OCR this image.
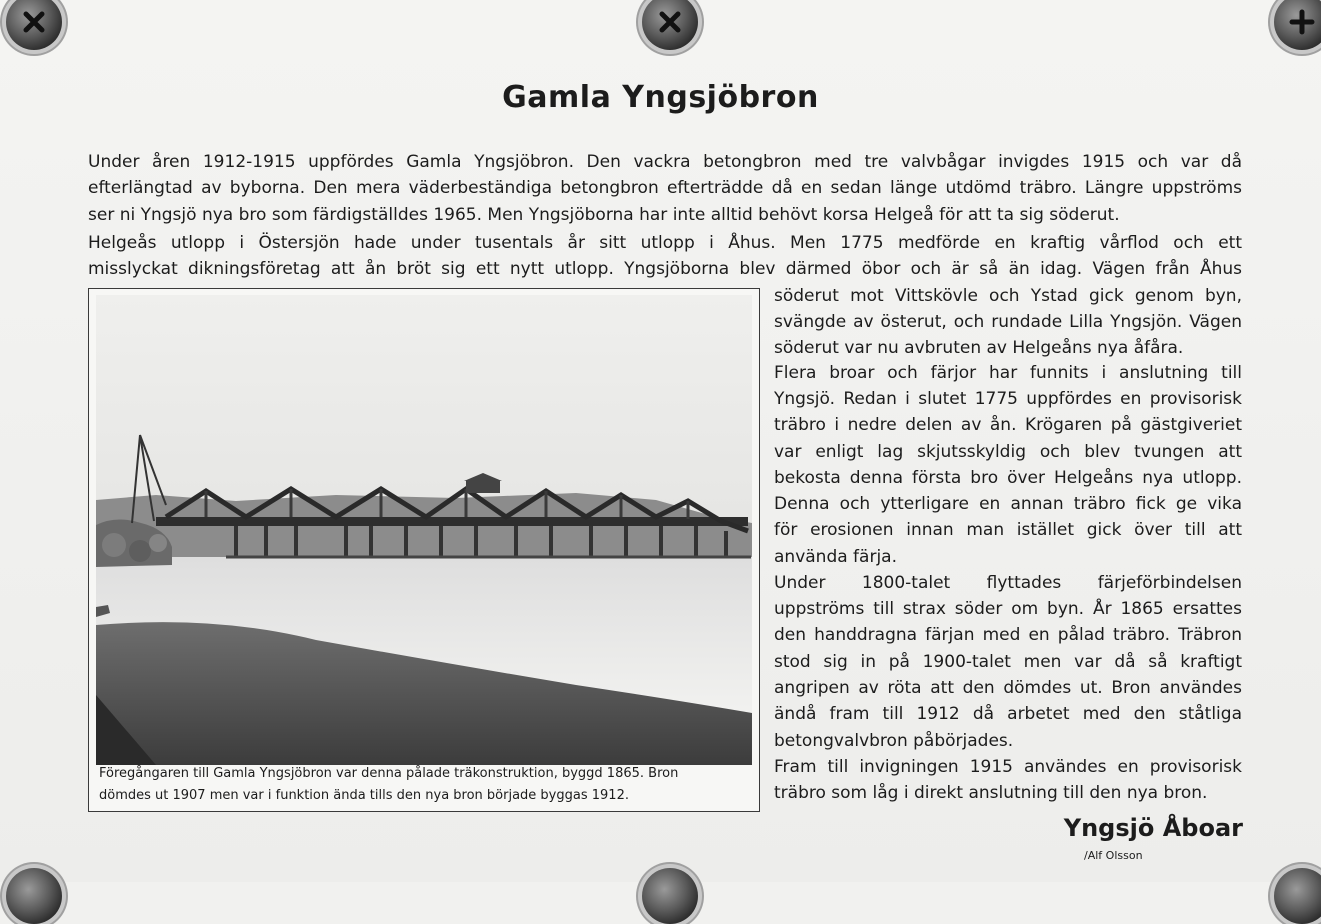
Gamla Yngsjöbron
Under åren 1912-1915 uppfördes Gamla Yngsjöbron. Den vackra betongbron med tre valvbågar invigdes 1915 och var då
efterlängtad av byborna. Den mera väderbeständiga betongbron efterträdde då en sedan länge utdömd träbro. Längre uppströms
ser ni Yngsjö nya bro som färdigställdes 1965. Men Yngsjöborna har inte alltid behövt korsa Helgeå för att ta sig söderut.
Helgeås utlopp i Östersjön hade under tusentals år sitt utlopp i Åhus. Men 1775 medförde en kraftig vårflod och ett
misslyckat dikningsföretag att ån bröt sig ett nytt utlopp. Yngsjöborna blev därmed öbor och är så än idag. Vägen från Åhus
söderut mot Vittskövle och Ystad gick genom byn,
svängde av österut, och rundade Lilla Yngsjön. Vägen
söderut var nu avbruten av Helgeåns nya åfåra.
Flera broar och färjor har funnits i anslutning till
Yngsjö. Redan i slutet 1775 uppfördes en provisorisk
träbro i nedre delen av ån. Krögaren på gästgiveriet
var enligt lag skjutsskyldig och blev tvungen att
bekosta denna första bro över Helgeåns nya utlopp.
Denna och ytterligare en annan träbro fick ge vika
för erosionen innan man istället gick över till att
använda färja.
Under 1800-talet flyttades färjeförbindelsen
uppströms till strax söder om byn. År 1865 ersattes
den handdragna färjan med en pålad träbro. Träbron
stod sig in på 1900-talet men var då så kraftigt
angripen av röta att den dömdes ut. Bron användes
ändå fram till 1912 då arbetet med den ståtliga
betongvalvbron påbörjades.
Fram till invigningen 1915 användes en provisorisk
träbro som låg i direkt anslutning till den nya bron.
Föregångaren till Gamla Yngsjöbron var denna pålade träkonstruktion, byggd 1865. Bron
dömdes ut 1907 men var i funktion ända tills den nya bron började byggas 1912.
Yngsjö Åboar
/Alf Olsson
